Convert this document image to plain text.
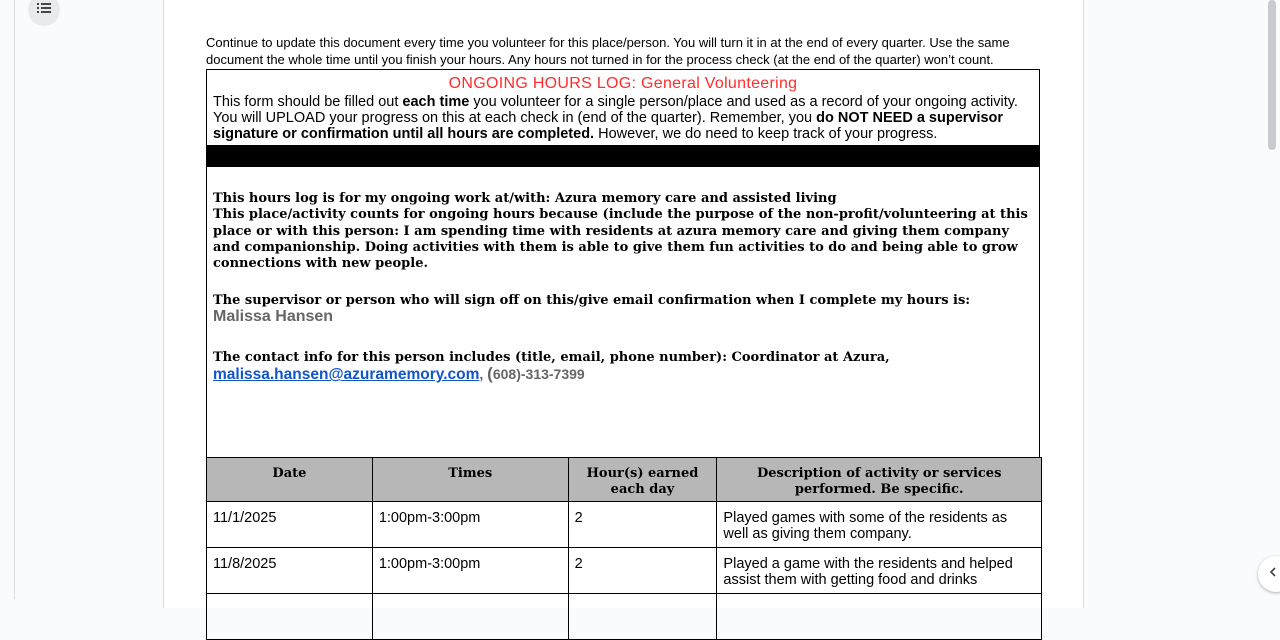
Continue to update this document every time you volunteer for this place/person. You will turn it in at the end of every quarter. Use the same document the whole time until you finish your hours. Any hours not turned in for the process check (at the end of the quarter) won’t count.
ONGOING HOURS LOG: General Volunteering
This form should be filled out each time you volunteer for a single person/place and used as a record of your ongoing activity. You will UPLOAD your progress on this at each check in (end of the quarter). Remember, you do NOT NEED a supervisor signature or confirmation until all hours are completed. However, we do need to keep track of your progress.
This hours log is for my ongoing work at/with: Azura memory care and assisted living
This place/activity counts for ongoing hours because (include the purpose of the non-profit/volunteering at this place or with this person: I am spending time with residents at azura memory care and giving them company and companionship. Doing activities with them is able to give them fun activities to do and being able to grow connections with new people.
The supervisor or person who will sign off on this/give email confirmation when I complete my hours is: Malissa Hansen
The contact info for this person includes (title, email, phone number): Coordinator at Azura,
malissa.hansen@azuramemory.com, (608)-313-7399
Date	Times	Hour(s) earned each day	Description of activity or services performed. Be specific.
11/1/2025	1:00pm-3:00pm	2	Played games with some of the residents as well as giving them company.
11/8/2025	1:00pm-3:00pm	2	Played a game with the residents and helped assist them with getting food and drinks
